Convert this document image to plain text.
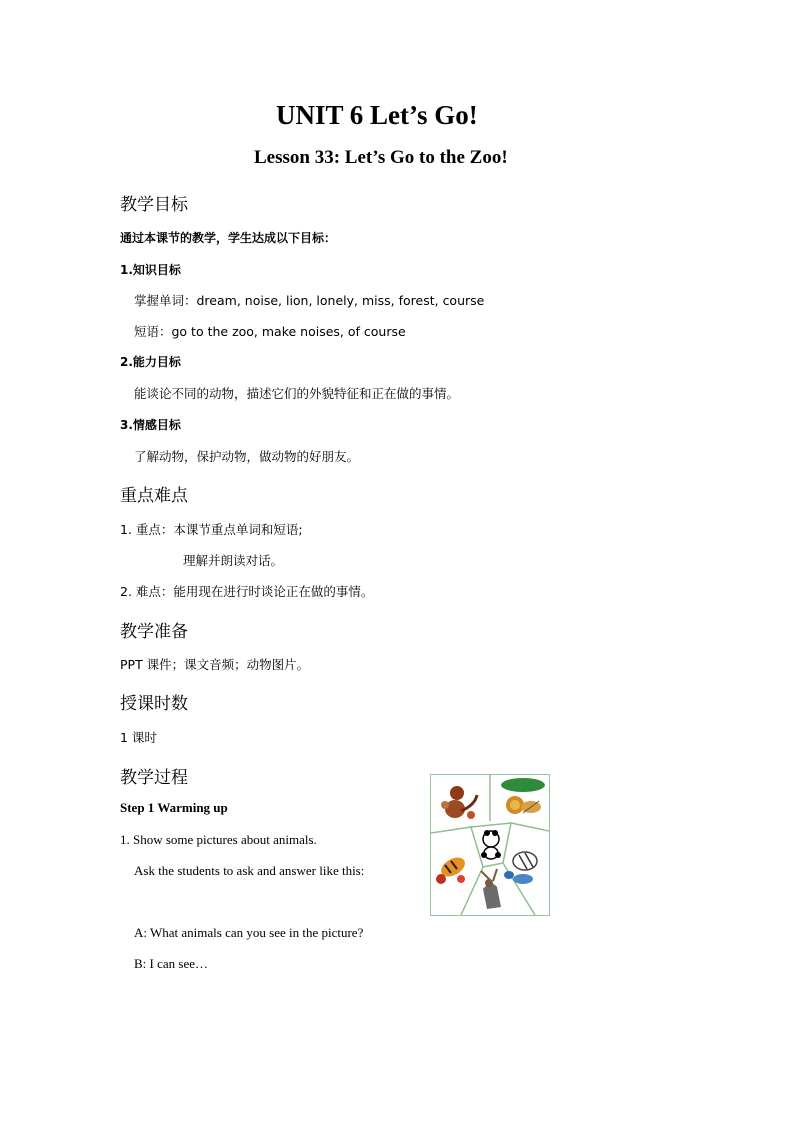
UNIT 6 Let’s Go!
Lesson 33: Let’s Go to the Zoo!
教学目标
通过本课节的教学，学生达成以下目标：
1.知识目标
掌握单词：dream, noise, lion, lonely, miss, forest, course
短语：go to the zoo, make noises, of course
2.能力目标
能谈论不同的动物，描述它们的外貌特征和正在做的事情。
3.情感目标
了解动物，保护动物，做动物的好朋友。
重点难点
1. 重点：本课节重点单词和短语;
理解并朗读对话。
2. 难点：能用现在进行时谈论正在做的事情。
教学准备
PPT 课件；课文音频；动物图片。
授课时数
1 课时
教学过程
Step 1 Warming up
1. Show some pictures about animals.
Ask the students to ask and answer like this:
A: What animals can you see in the picture?
B: I can see…
